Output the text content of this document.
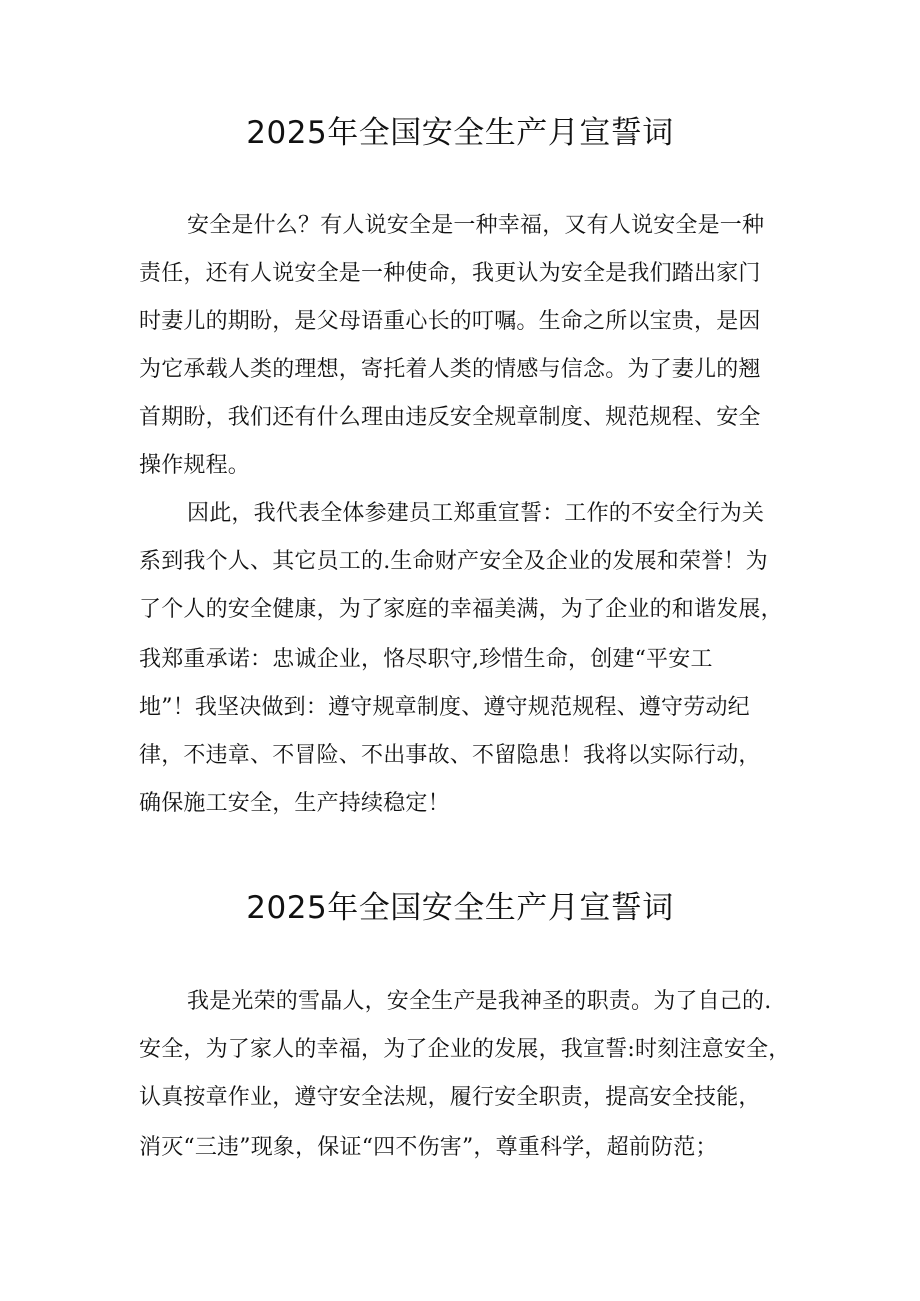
2025年全国安全生产月宣誓词
安全是什么？有人说安全是一种幸福，又有人说安全是一种
责任，还有人说安全是一种使命，我更认为安全是我们踏出家门
时妻儿的期盼，是父母语重心长的叮嘱。生命之所以宝贵，是因
为它承载人类的理想，寄托着人类的情感与信念。为了妻儿的翘
首期盼，我们还有什么理由违反安全规章制度、规范规程、安全
操作规程。
因此，我代表全体参建员工郑重宣誓：工作的不安全行为关
系到我个人、其它员工的.生命财产安全及企业的发展和荣誉！为
了个人的安全健康，为了家庭的幸福美满，为了企业的和谐发展，
我郑重承诺：忠诚企业，恪尽职守,珍惜生命，创建“平安工
地”！我坚决做到：遵守规章制度、遵守规范规程、遵守劳动纪
律，不违章、不冒险、不出事故、不留隐患！我将以实际行动，
确保施工安全，生产持续稳定！
2025年全国安全生产月宣誓词
我是光荣的雪晶人，安全生产是我神圣的职责。为了自己的.
安全，为了家人的幸福，为了企业的发展，我宣誓:时刻注意安全，
认真按章作业，遵守安全法规，履行安全职责，提高安全技能，
消灭“三违”现象，保证“四不伤害”，尊重科学，超前防范；
